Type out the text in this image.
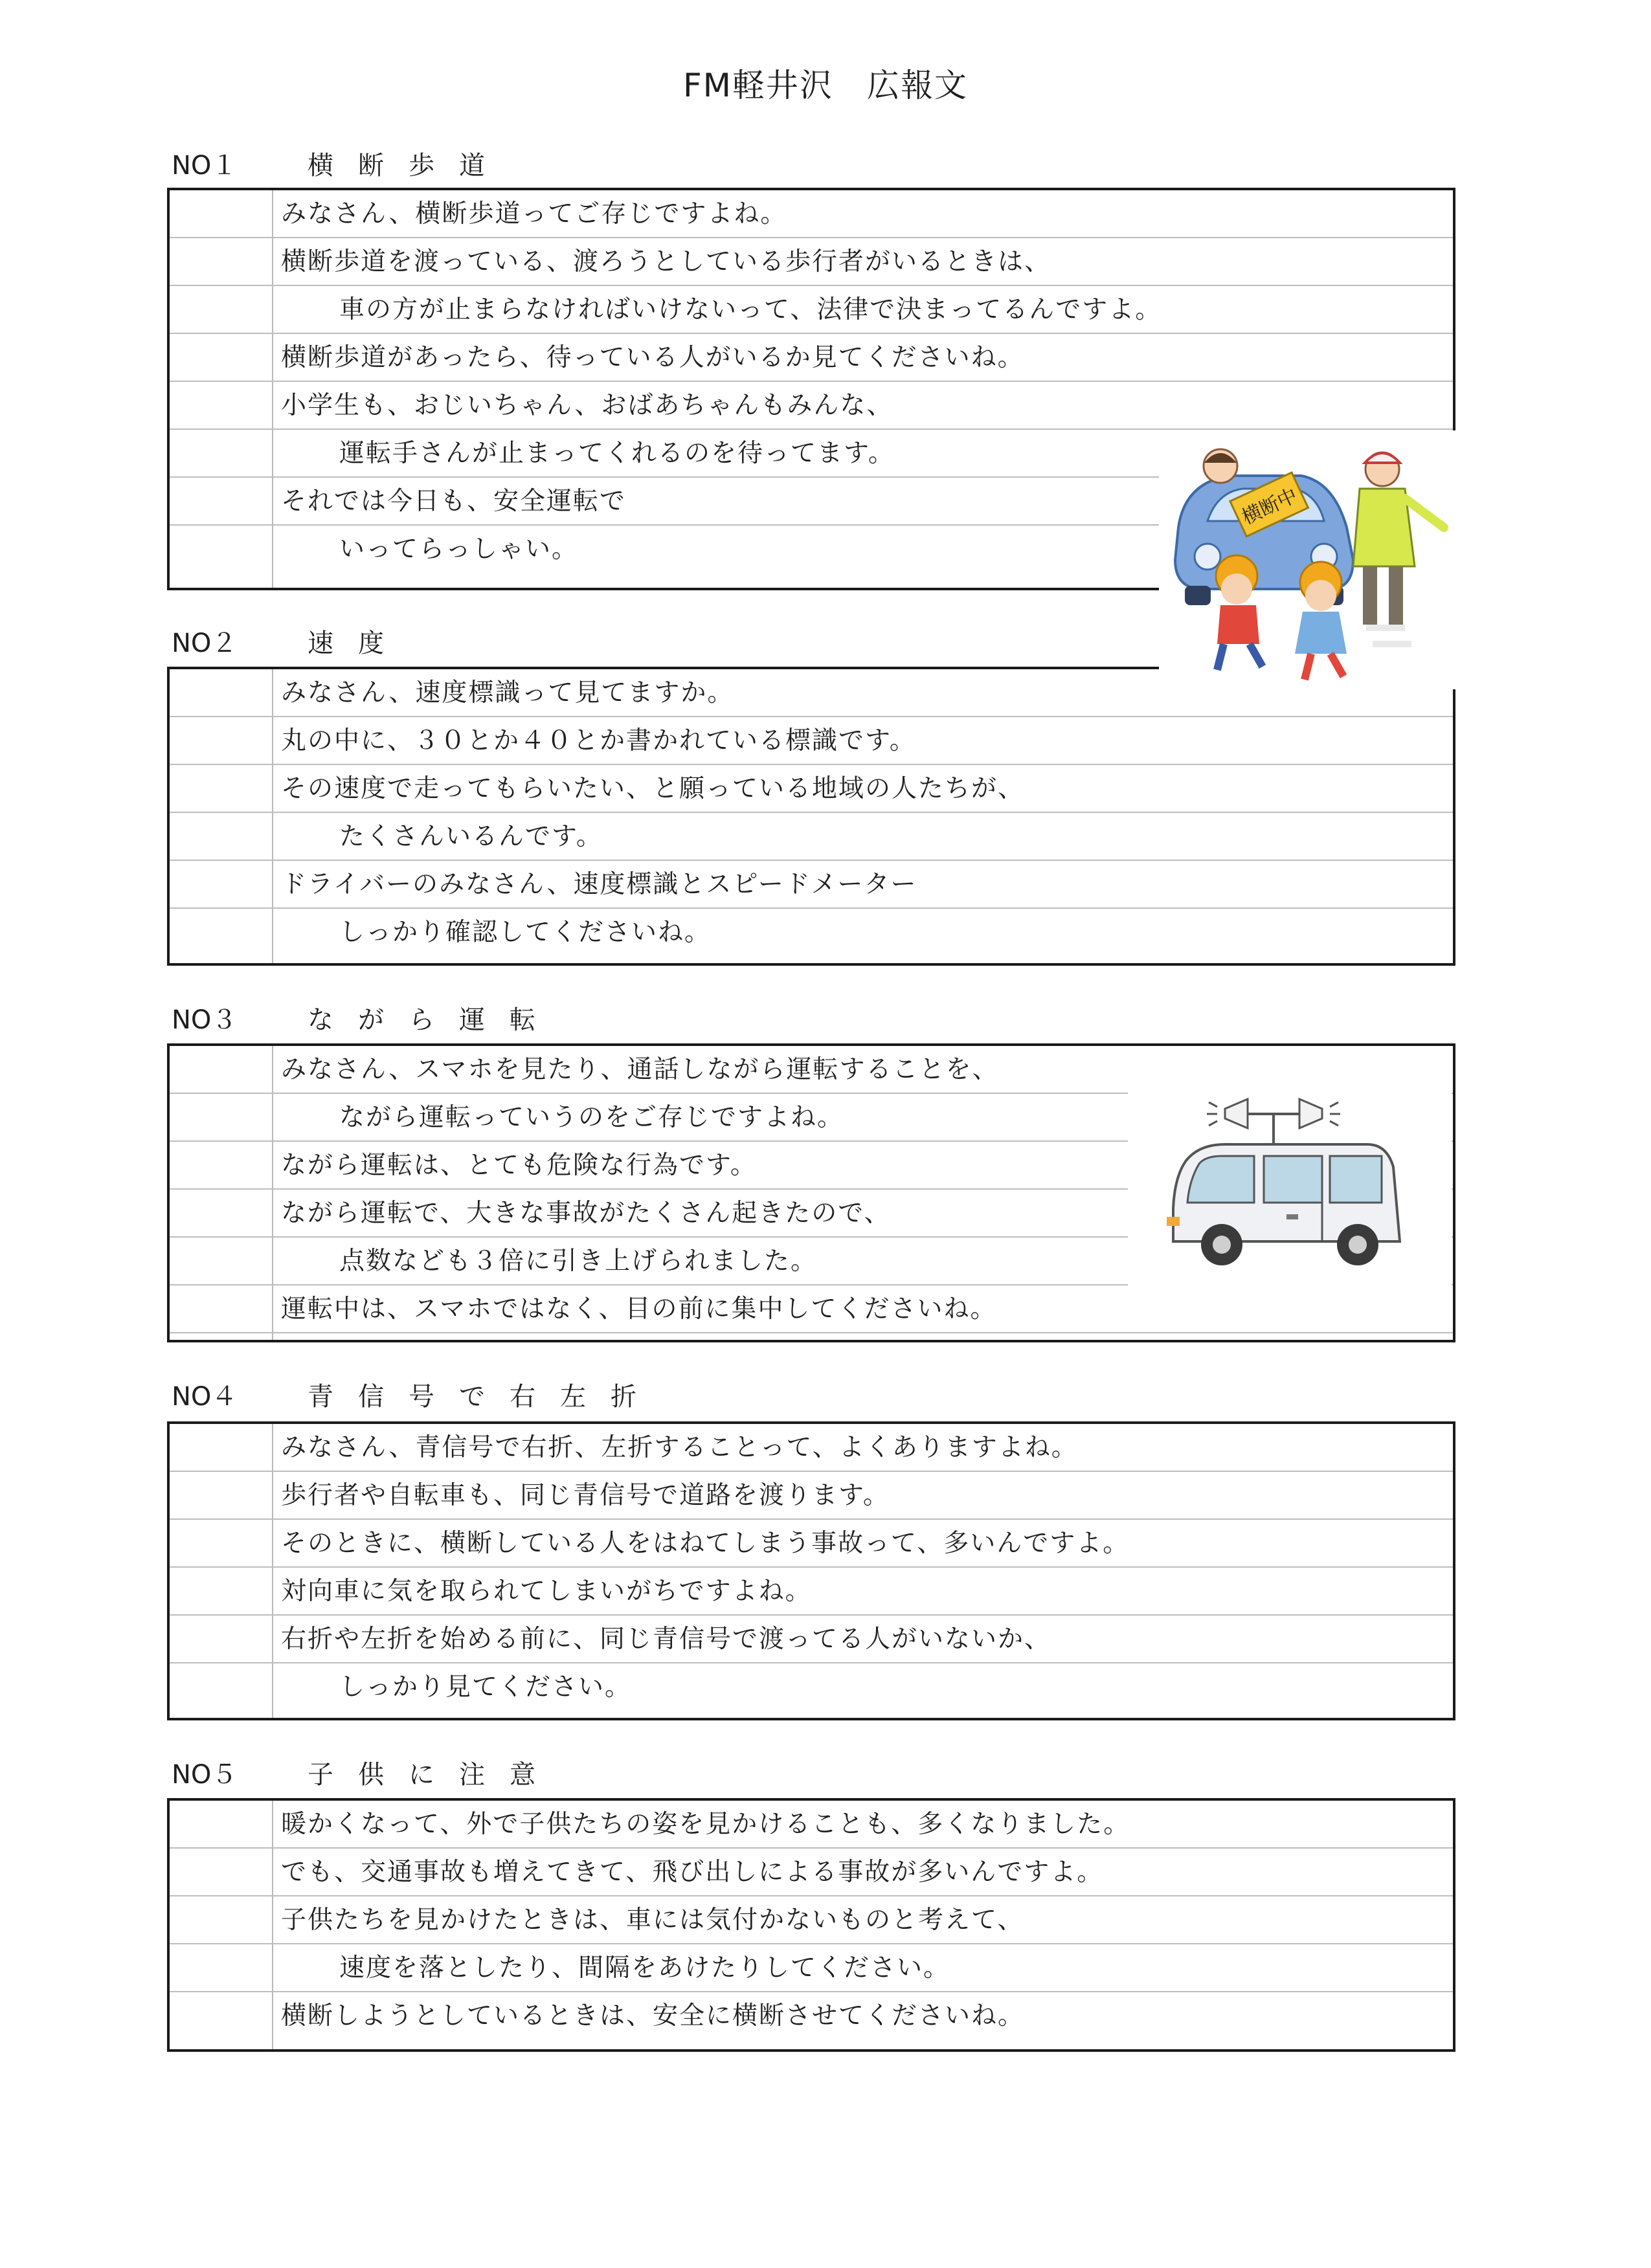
FM軽井沢　広報文
NO１	横断歩道
みなさん、横断歩道ってご存じですよね。
横断歩道を渡っている、渡ろうとしている歩行者がいるときは、
車の方が止まらなければいけないって、法律で決まってるんですよ。
横断歩道があったら、待っている人がいるか見てくださいね。
小学生も、おじいちゃん、おばあちゃんもみんな、
運転手さんが止まってくれるのを待ってます。
それでは今日も、安全運転で
いってらっしゃい。
NO２	速度
みなさん、速度標識って見てますか。
丸の中に、３０とか４０とか書かれている標識です。
その速度で走ってもらいたい、と願っている地域の人たちが、
たくさんいるんです。
ドライバーのみなさん、速度標識とスピードメーター
しっかり確認してくださいね。
横断中
NO３	ながら運転
みなさん、スマホを見たり、通話しながら運転することを、
ながら運転っていうのをご存じですよね。
ながら運転は、とても危険な行為です。
ながら運転で、大きな事故がたくさん起きたので、
点数なども３倍に引き上げられました。
運転中は、スマホではなく、目の前に集中してくださいね。
NO４	青信号で右左折
みなさん、青信号で右折、左折することって、よくありますよね。
歩行者や自転車も、同じ青信号で道路を渡ります。
そのときに、横断している人をはねてしまう事故って、多いんですよ。
対向車に気を取られてしまいがちですよね。
右折や左折を始める前に、同じ青信号で渡ってる人がいないか、
しっかり見てください。
NO５	子供に注意
暖かくなって、外で子供たちの姿を見かけることも、多くなりました。
でも、交通事故も増えてきて、飛び出しによる事故が多いんですよ。
子供たちを見かけたときは、車には気付かないものと考えて、
速度を落としたり、間隔をあけたりしてください。
横断しようとしているときは、安全に横断させてくださいね。
